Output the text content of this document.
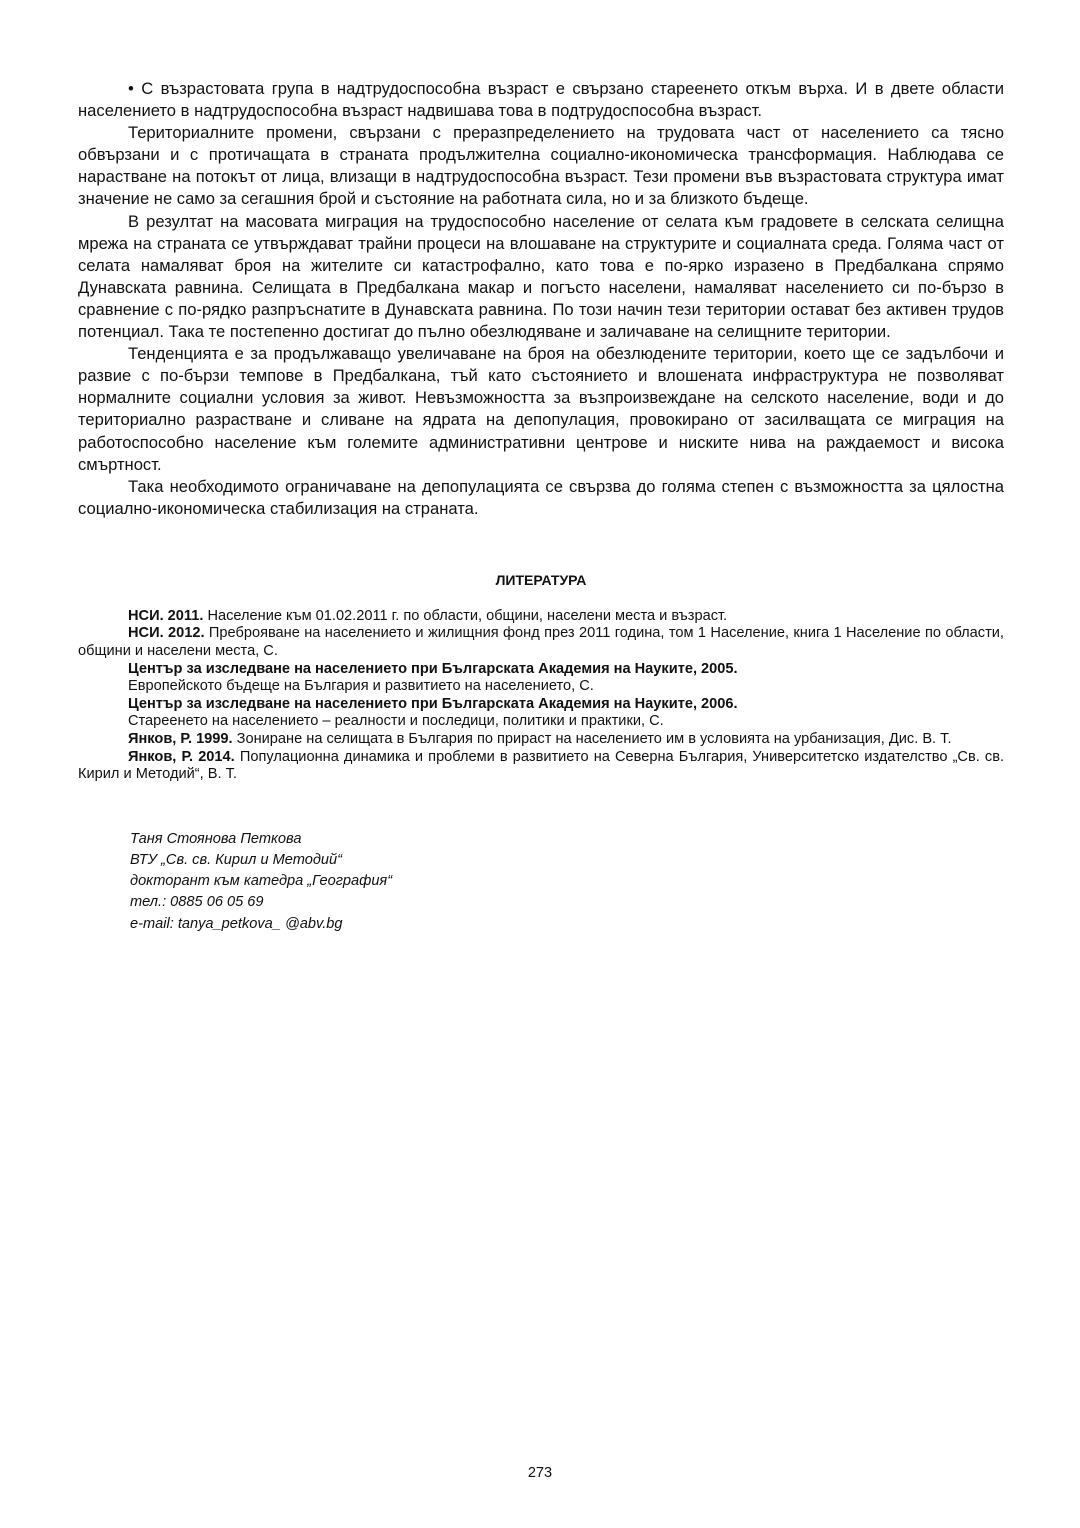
• С възрастовата група в надтрудоспособна възраст е свързано стареенето откъм върха. И в двете области населението в надтрудоспособна възраст надвишава това в подтрудоспособна възраст.

Териториалните промени, свързани с преразпределението на трудовата част от населението са тясно обвързани и с протичащата в страната продължителна социално-икономическа трансформация. Наблюдава се нарастване на потокът от лица, влизащи в надтрудоспособна възраст. Тези промени във възрастовата структура имат значение не само за сегашния брой и състояние на работната сила, но и за близкото бъдеще.

В резултат на масовата миграция на трудоспособно население от селата към градовете в селската селищна мрежа на страната се утвърждават трайни процеси на влошаване на структурите и социалната среда. Голяма част от селата намаляват броя на жителите си катастрофално, като това е по-ярко изразено в Предбалкана спрямо Дунавската равнина. Селищата в Предбалкана макар и погъсто населени, намаляват населението си по-бързо в сравнение с по-рядко разпръснатите в Дунавската равнина. По този начин тези територии остават без активен трудов потенциал. Така те постепенно достигат до пълно обезлюдяване и заличаване на селищните територии.

Тенденцията е за продължаващо увеличаване на броя на обезлюдените територии, което ще се задълбочи и развие с по-бързи темпове в Предбалкана, тъй като състоянието и влошената инфраструктура не позволяват нормалните социални условия за живот. Невъзможността за възпроизвеждане на селското население, води и до териториално разрастване и сливане на ядрата на депопулация, провокирано от засилващата се миграция на работоспособно население към големите административни центрове и ниските нива на раждаемост и висока смъртност.

Така необходимото ограничаване на депопулацията се свързва до голяма степен с възможността за цялостна социално-икономическа стабилизация на страната.

ЛИТЕРАТУРА

НСИ. 2011. Население към 01.02.2011 г. по области, общини, населени места и възраст.

НСИ. 2012. Преброяване на населението и жилищния фонд през 2011 година, том 1 Население, книга 1 Население по области, общини и населени места, С.

Център за изследване на населението при Българската Академия на Науките, 2005.

Европейското бъдеще на България и развитието на населението, С.

Център за изследване на населението при Българската Академия на Науките, 2006.

Стареенето на населението – реалности и последици, политики и практики, С.

Янков, Р. 1999. Зониране на селищата в България по прираст на населението им в условията на урбанизация, Дис. В. Т.

Янков, Р. 2014. Популационна динамика и проблеми в развитието на Северна България, Университетско издателство „Св. св. Кирил и Методий“, В. Т.

Таня Стоянова Петкова
ВТУ „Св. св. Кирил и Методий“
докторант към катедра „География“
тел.: 0885 06 05 69
e-mail: tanya_petkova_ @abv.bg
273
